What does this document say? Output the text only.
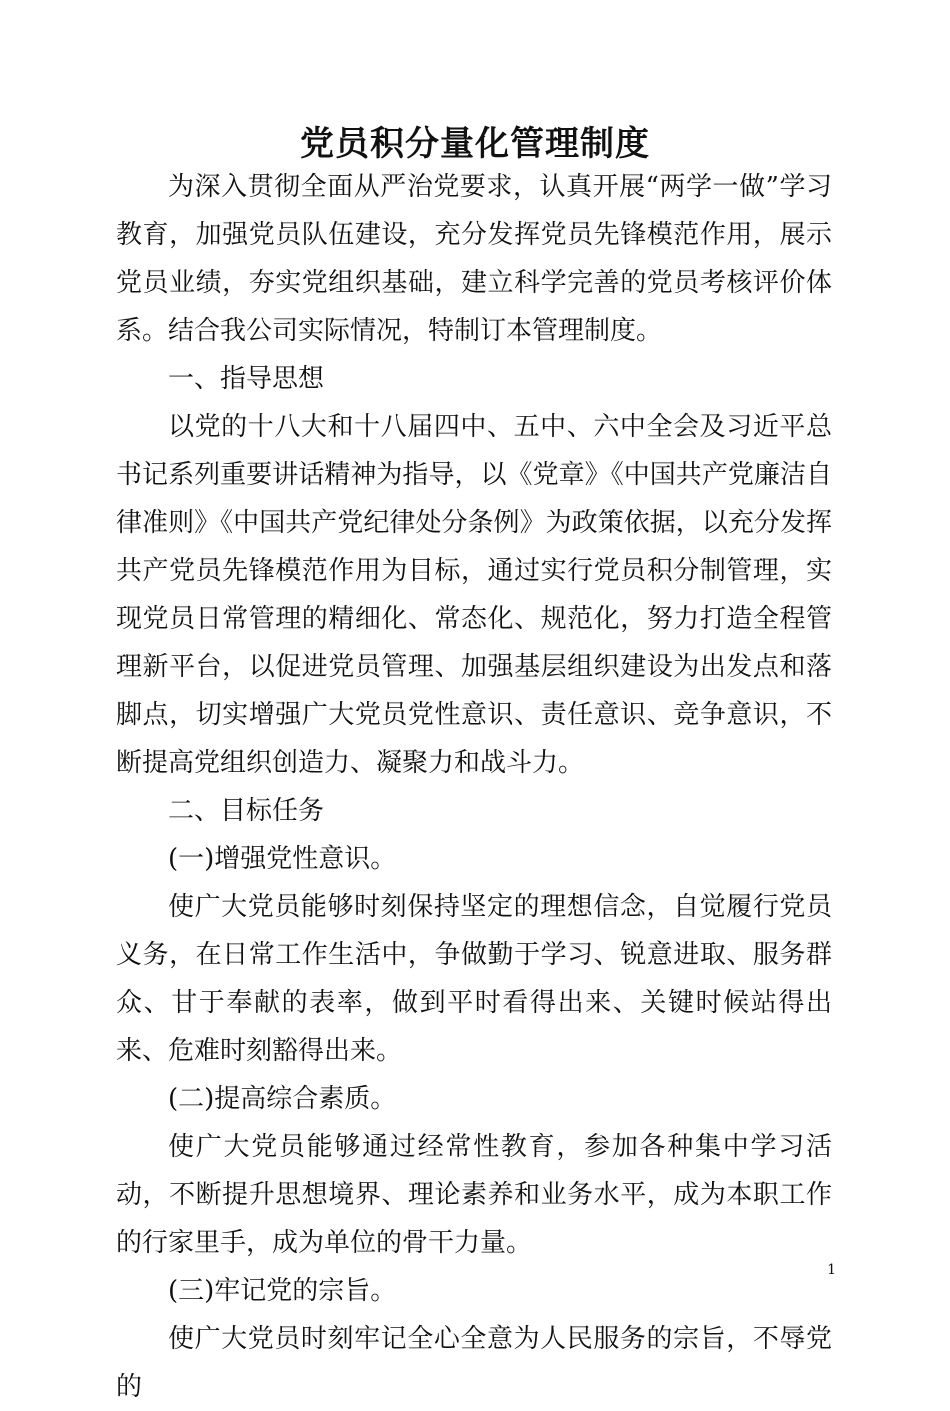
党员积分量化管理制度

为深入贯彻全面从严治党要求，认真开展“两学一做”学习教育，加强党员队伍建设，充分发挥党员先锋模范作用，展示党员业绩，夯实党组织基础，建立科学完善的党员考核评价体系。结合我公司实际情况，特制订本管理制度。

一、指导思想

以党的十八大和十八届四中、五中、六中全会及习近平总书记系列重要讲话精神为指导，以《党章》《中国共产党廉洁自律准则》《中国共产党纪律处分条例》为政策依据，以充分发挥共产党员先锋模范作用为目标，通过实行党员积分制管理，实现党员日常管理的精细化、常态化、规范化，努力打造全程管理新平台，以促进党员管理、加强基层组织建设为出发点和落脚点，切实增强广大党员党性意识、责任意识、竞争意识，不断提高党组织创造力、凝聚力和战斗力。

二、目标任务

(一)增强党性意识。

使广大党员能够时刻保持坚定的理想信念，自觉履行党员义务，在日常工作生活中，争做勤于学习、锐意进取、服务群众、甘于奉献的表率，做到平时看得出来、关键时候站得出来、危难时刻豁得出来。

(二)提高综合素质。

使广大党员能够通过经常性教育，参加各种集中学习活动，不断提升思想境界、理论素养和业务水平，成为本职工作的行家里手，成为单位的骨干力量。

(三)牢记党的宗旨。

使广大党员时刻牢记全心全意为人民服务的宗旨，不辱党的

1
